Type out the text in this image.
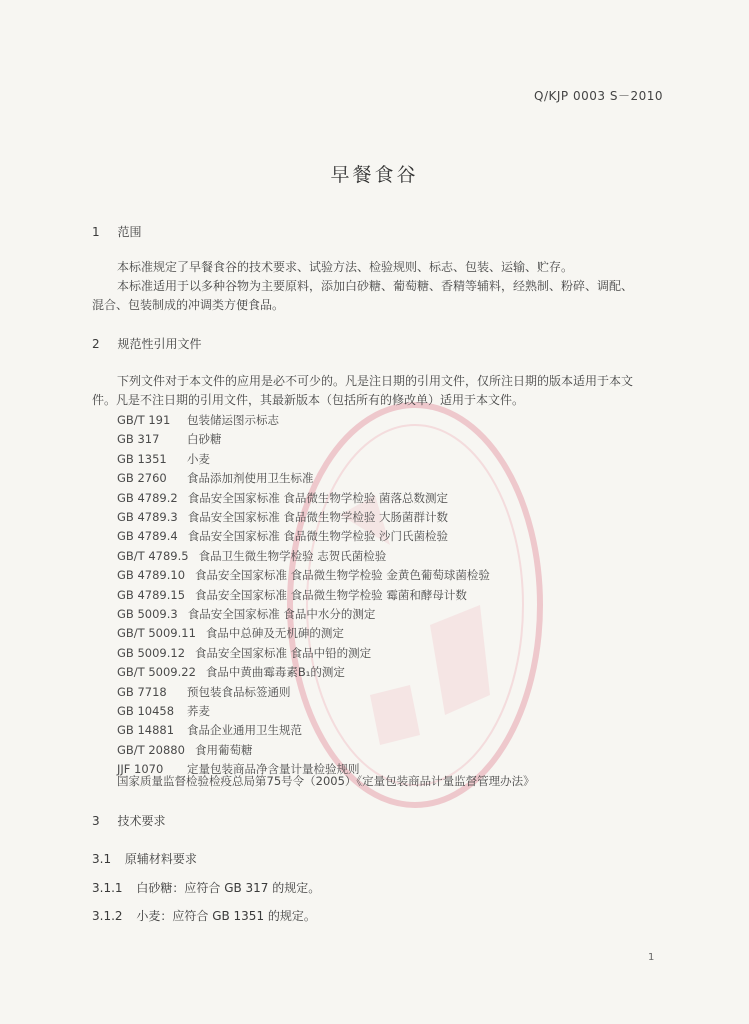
Q/KJP 0003 S－2010
早餐食谷
1 范围
本标准规定了早餐食谷的技术要求、试验方法、检验规则、标志、包装、运输、贮存。
本标准适用于以多种谷物为主要原料，添加白砂糖、葡萄糖、香精等辅料，经熟制、粉碎、调配、
混合、包装制成的冲调类方便食品。
2 规范性引用文件
下列文件对于本文件的应用是必不可少的。凡是注日期的引用文件，仅所注日期的版本适用于本文
件。凡是不注日期的引用文件，其最新版本（包括所有的修改单）适用于本文件。
GB/T 191 包装储运图示标志
GB 317 白砂糖
GB 1351 小麦
GB 2760 食品添加剂使用卫生标准
GB 4789.2 食品安全国家标准 食品微生物学检验 菌落总数测定
GB 4789.3 食品安全国家标准 食品微生物学检验 大肠菌群计数
GB 4789.4 食品安全国家标准 食品微生物学检验 沙门氏菌检验
GB/T 4789.5 食品卫生微生物学检验 志贺氏菌检验
GB 4789.10 食品安全国家标准 食品微生物学检验 金黄色葡萄球菌检验
GB 4789.15 食品安全国家标准 食品微生物学检验 霉菌和酵母计数
GB 5009.3 食品安全国家标准 食品中水分的测定
GB/T 5009.11 食品中总砷及无机砷的测定
GB 5009.12 食品安全国家标准 食品中铅的测定
GB/T 5009.22 食品中黄曲霉毒素B₁的测定
GB 7718 预包装食品标签通则
GB 10458 荞麦
GB 14881 食品企业通用卫生规范
GB/T 20880 食用葡萄糖
JJF 1070 定量包装商品净含量计量检验规则
国家质量监督检验检疫总局第75号令（2005）《定量包装商品计量监督管理办法》
3 技术要求
3.1 原辅材料要求
3.1.1 白砂糖：应符合 GB 317 的规定。
3.1.2 小麦：应符合 GB 1351 的规定。
1
